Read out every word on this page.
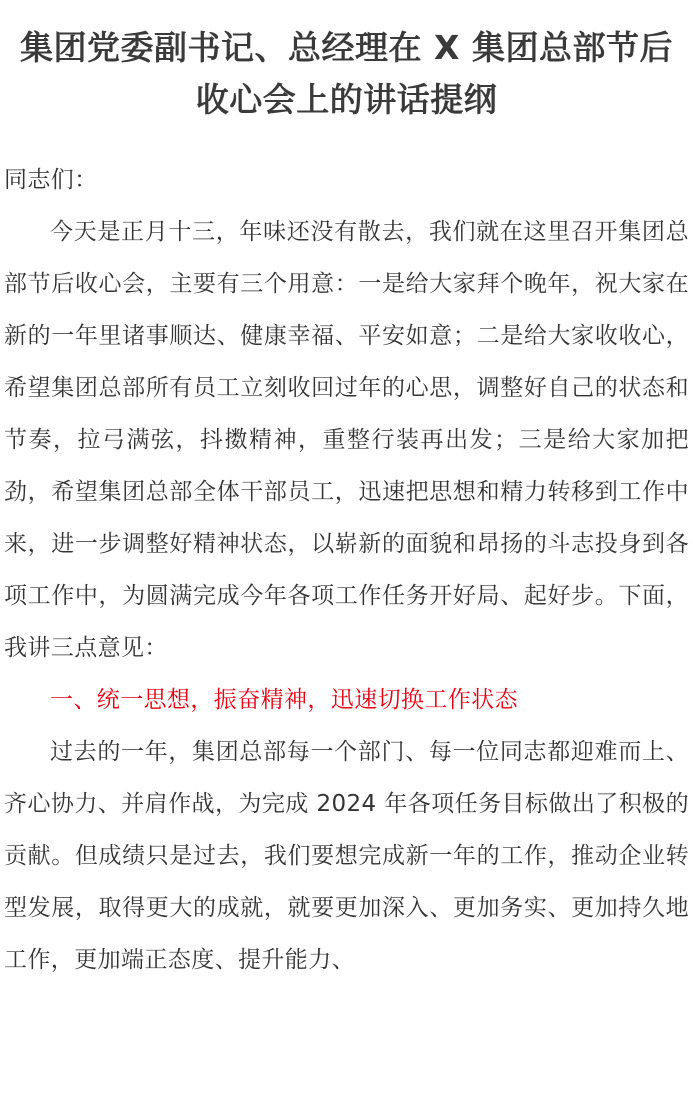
集团党委副书记、总经理在 X 集团总部节后
收心会上的讲话提纲

同志们：

今天是正月十三，年味还没有散去，我们就在这里召开集团总部节后收心会，主要有三个用意：一是给大家拜个晚年，祝大家在新的一年里诸事顺达、健康幸福、平安如意；二是给大家收收心，希望集团总部所有员工立刻收回过年的心思，调整好自己的状态和节奏，拉弓满弦，抖擞精神，重整行装再出发；三是给大家加把劲，希望集团总部全体干部员工，迅速把思想和精力转移到工作中来，进一步调整好精神状态，以崭新的面貌和昂扬的斗志投身到各项工作中，为圆满完成今年各项工作任务开好局、起好步。下面，我讲三点意见：

一、统一思想，振奋精神，迅速切换工作状态

过去的一年，集团总部每一个部门、每一位同志都迎难而上、齐心协力、并肩作战，为完成 2024 年各项任务目标做出了积极的贡献。但成绩只是过去，我们要想完成新一年的工作，推动企业转型发展，取得更大的成就，就要更加深入、更加务实、更加持久地工作，更加端正态度、提升能力、
